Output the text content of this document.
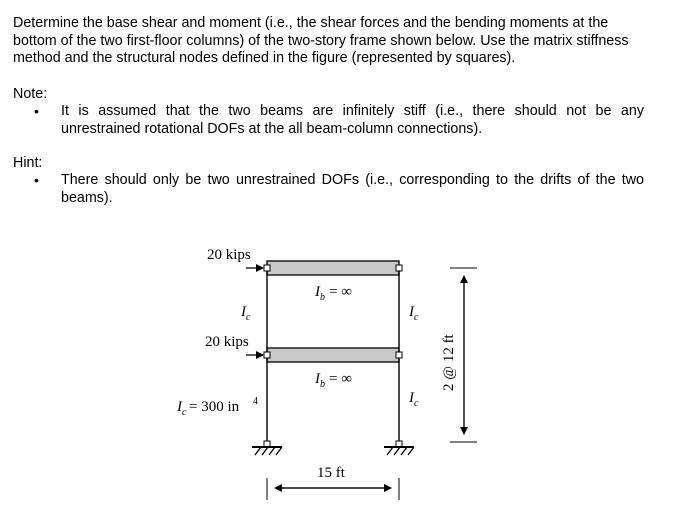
Determine the base shear and moment (i.e., the shear forces and the bending moments at the bottom of the two first-floor columns) of the two-story frame shown below. Use the matrix stiffness method and the structural nodes defined in the figure (represented by squares).

Note:

• It is assumed that the two beams are infinitely stiff (i.e., there should not be any unrestrained rotational DOFs at the all beam-column connections).

Hint:

• There should only be two unrestrained DOFs (i.e., corresponding to the drifts of the two beams).
20 kips
20 kips
I b = ∞
I b = ∞
I c	I c
I c
I c = 300 in 4
15 ft
2 @ 12 ft
